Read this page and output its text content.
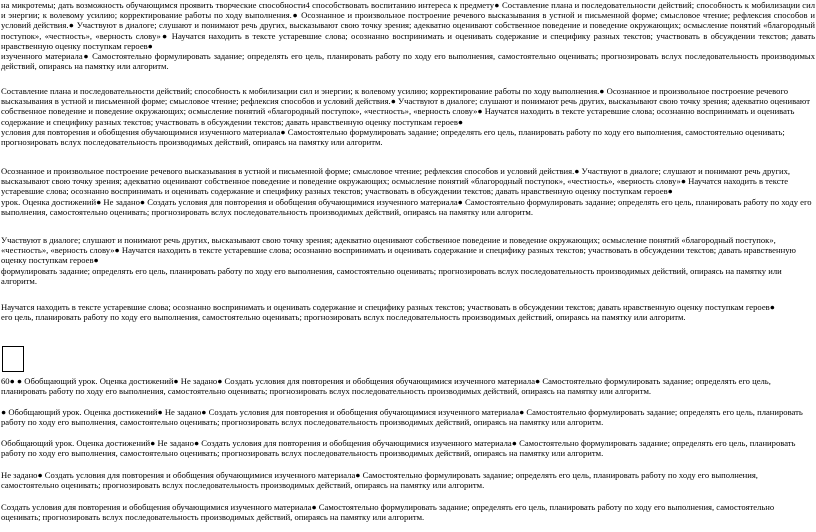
на микротемы; дать возможность обучающимся проявить творческие способности4 способствовать воспитанию интереса к предмету● Составление плана и последовательности действий; способность к мобилизации сил и энергии; к волевому усилию; корректирование работы по ходу выполнения.● Осознанное и произвольное построение речевого высказывания в устной и письменной форме; смысловое чтение; рефлексия способов и условий действия.● Участвуют в диалоге; слушают и понимают речь других, высказывают свою точку зрения; адекватно оценивают собственное поведение и поведение окружающих; осмысление понятий «благородный поступок», «честность», «верность слову»● Научатся находить в тексте устаревшие слова; осознанно воспринимать и оценивать содержание и специфику разных текстов; участвовать в обсуждении текстов; давать нравственную оценку поступкам героев●
изученного материала● Самостоятельно формулировать задание; определять его цель, планировать работу по ходу его выполнения, самостоятельно оценивать; прогнозировать вслух последовательность производимых действий, опираясь на памятку или алгоритм.
Составление плана и последовательности действий; способность к мобилизации сил и энергии; к волевому усилию; корректирование работы по ходу выполнения.● Осознанное и произвольное построение речевого высказывания в устной и письменной форме; смысловое чтение; рефлексия способов и условий действия.● Участвуют в диалоге; слушают и понимают речь других, высказывают свою точку зрения; адекватно оценивают собственное поведение и поведение окружающих; осмысление понятий «благородный поступок», «честность», «верность слову»● Научатся находить в тексте устаревшие слова; осознанно воспринимать и оценивать содержание и специфику разных текстов; участвовать в обсуждении текстов; давать нравственную оценку поступкам героев●
условия для повторения и обобщения обучающимися изученного материала● Самостоятельно формулировать задание; определять его цель, планировать работу по ходу его выполнения, самостоятельно оценивать; прогнозировать вслух последовательность производимых действий, опираясь на памятку или алгоритм.
Осознанное и произвольное построение речевого высказывания в устной и письменной форме; смысловое чтение; рефлексия способов и условий действия.● Участвуют в диалоге; слушают и понимают речь других, высказывают свою точку зрения; адекватно оценивают собственное поведение и поведение окружающих; осмысление понятий «благородный поступок», «честность», «верность слову»● Научатся находить в тексте устаревшие слова; осознанно воспринимать и оценивать содержание и специфику разных текстов; участвовать в обсуждении текстов; давать нравственную оценку поступкам героев●
урок. Оценка достижений● Не задано● Создать условия для повторения и обобщения обучающимися изученного материала● Самостоятельно формулировать задание; определять его цель, планировать работу по ходу его выполнения, самостоятельно оценивать; прогнозировать вслух последовательность производимых действий, опираясь на памятку или алгоритм.
Участвуют в диалоге; слушают и понимают речь других, высказывают свою точку зрения; адекватно оценивают собственное поведение и поведение окружающих; осмысление понятий «благородный поступок», «честность», «верность слову»● Научатся находить в тексте устаревшие слова; осознанно воспринимать и оценивать содержание и специфику разных текстов; участвовать в обсуждении текстов; давать нравственную оценку поступкам героев●
формулировать задание; определять его цель, планировать работу по ходу его выполнения, самостоятельно оценивать; прогнозировать вслух последовательность производимых действий, опираясь на памятку или алгоритм.
Научатся находить в тексте устаревшие слова; осознанно воспринимать и оценивать содержание и специфику разных текстов; участвовать в обсуждении текстов; давать нравственную оценку поступкам героев●
его цель, планировать работу по ходу его выполнения, самостоятельно оценивать; прогнозировать вслух последовательность производимых действий, опираясь на памятку или алгоритм.
60● ● Обобщающий урок. Оценка достижений● Не задано● Создать условия для повторения и обобщения обучающимися изученного материала● Самостоятельно формулировать задание; определять его цель, планировать работу по ходу его выполнения, самостоятельно оценивать; прогнозировать вслух последовательность производимых действий, опираясь на памятку или алгоритм.
● Обобщающий урок. Оценка достижений● Не задано● Создать условия для повторения и обобщения обучающимися изученного материала● Самостоятельно формулировать задание; определять его цель, планировать работу по ходу его выполнения, самостоятельно оценивать; прогнозировать вслух последовательность производимых действий, опираясь на памятку или алгоритм.
Обобщающий урок. Оценка достижений● Не задано● Создать условия для повторения и обобщения обучающимися изученного материала● Самостоятельно формулировать задание; определять его цель, планировать работу по ходу его выполнения, самостоятельно оценивать; прогнозировать вслух последовательность производимых действий, опираясь на памятку или алгоритм.
Не задано● Создать условия для повторения и обобщения обучающимися изученного материала● Самостоятельно формулировать задание; определять его цель, планировать работу по ходу его выполнения, самостоятельно оценивать; прогнозировать вслух последовательность производимых действий, опираясь на памятку или алгоритм.
Создать условия для повторения и обобщения обучающимися изученного материала● Самостоятельно формулировать задание; определять его цель, планировать работу по ходу его выполнения, самостоятельно оценивать; прогнозировать вслух последовательность производимых действий, опираясь на памятку или алгоритм.
